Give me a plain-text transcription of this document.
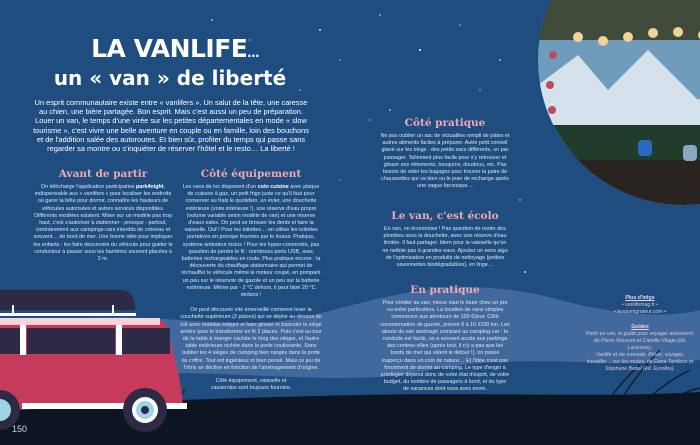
LA VANLIFE…
un « van » de liberté
Un esprit communautaire existe entre « vanlifers ». Un salut de la tête, une caresse au chien, une bière partagée. Bon esprit. Mais c'est aussi un peu de préparation. Louer un van, le temps d'une virée sur les petites départementales en mode « slow tourisme », c'est vivre une belle aventure en couple ou en famille, loin des bouchons et de l'addition salée des autoroutes. Et bien sûr, profiter du temps qui passe sans regarder sa montre ou s'inquiéter de réserver l'hôtel et le resto… La liberté !
Avant de partir

On télécharge l'application participative park4night, indispensable aux « vanlifers » pour localiser les endroits où garer la bête pour dormir, connaître les hauteurs de véhicules autorisées et autres services disponibles. Différents modèles existent. Miser sur un modèle pas trop haut, c'est s'autoriser à stationner - presque - partout, contrairement aux campings-cars interdits de créneau et souvent… de bord de mer. Une bonne idée pour impliquer les enfants : les faire descendre du véhicule pour guider le conducteur à passer sous les barrières souvent placées à 2 m.

Côté équipement

Les vans de loc disposent d'un coin cuisine avec plaque de cuisson à gaz, un petit frigo juste ce qu'il faut pour conserver au frais le quotidien, un évier, une douchette extérieure (voire intérieure !), une réserve d'eau propre (volume variable selon modèle de van) et une réserve d'eaux sales. On peut se brosser les dents et faire la vaisselle. Ouf ! Pour les toilettes… on utilise les toilettes portatives en principe fournies par le loueur. Pratique, système antiodeur inclus ! Pour les hyper-connectés, pas question de perdre le fil : nombreux ports USB, avec batteries rechargeables en route. Plus pratique encore : la découverte du chauffage stationnaire qui permet de réchauffer le véhicule même le moteur coupé, en pompant un peu sur le réservoir de gazole et un peu sur la batterie extérieure. Même par - 2 °C dehors, il peut faire 20 °C dedans !

On peut découvrir vite émerveillé comment lever la couchette supérieure (2 places) qui se déplie au-dessus du toit avec matelas intégré et faire glisser et basculer le siège arrière pour le transformer en lit 2 places. Puis c'est au tour de la table à manger cachée le long des sièges, et l'autre table extérieure nichée dans la porte coulissante. Sans oublier les 4 sièges de camping bien rangés dans la porte du coffre. Tout est ingénieux et bien pensé. Mais ce jeu de Tétris se décline en fonction de l'aménagement d'origine.

Côté équipement, vaisselle et casseroles sont toujours fournies.

Côté pratique

Ne pas oublier un sac de victuailles rempli de pâtes et autres aliments faciles à préparer. Autre petit conseil glané sur les blogs : des petits sacs différents, un par passager. Tellement plus facile pour s'y retrouver et glisser ses vêtements, bouquins, doudous, etc. Pas besoin de vider les bagages pour trouver la paire de chaussettes qui va bien ou le jean de rechange après une vague farcesque…

Le van, c'est écolo

En van, on économise ! Pas question de rester des plombes sous la douchette, avec une réserve d'eau limitée. Il faut partager. Idem pour la vaisselle qu'on ne nettoie pas à grandes eaux. Ajoutez un sens aigu de l'optimisation en produits de nettoyage (petites savonnettes biodégradables), en linge…

En pratique

Pour s'initier au van, mieux vaut le louer chez un pro ou entre particuliers. La location de vans simples commence aux alentours de 100 €/jour. Côté consommation de gazole, prévoir 8 à 10 l/100 km. Les atouts du van aménagé comparé au camping-car : la conduite est facile, on a souvent accès aux parkings des centres-villes (après tout, il n'y a pas que les bords de mer qui valent le détour !), on passe inaperçu dans un coin de nature… Et l'idée n'est pas forcément de dormir au camping. Le type d'engin à privilégier dépend donc de votre état d'esprit, de votre budget, du nombre de passagers à bord, et du type de vacances dont vous avez envie.

Plus d'infos
• vanlifemag.fr •
• levanmigrateur.com •
Guides
Partir en van, le guide pour voyager autrement, de Pierre Rousset et Camille Vitage (éd. Larousse).
Vanlife et vie nomade. Rêver, voyager, travailler… sur les routes, de Dana Tardieux et Stéphane Boitel (éd. Eyrolles).
150
